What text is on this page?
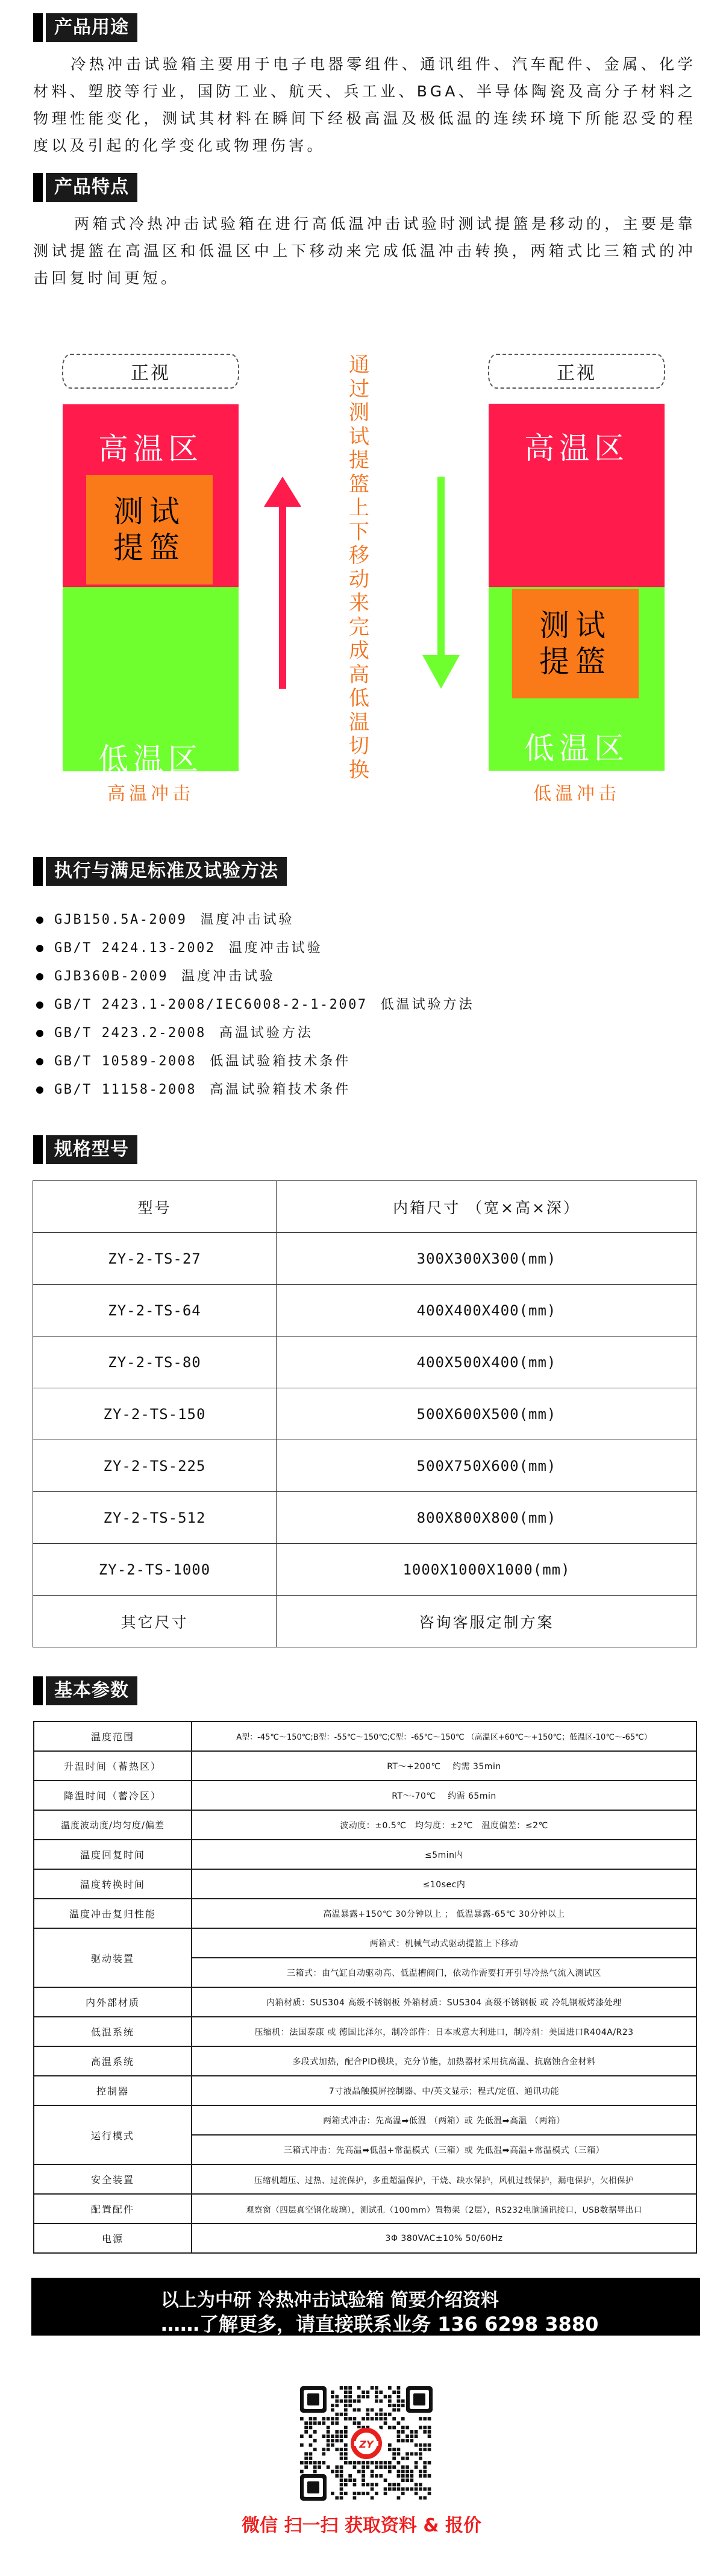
产品用途

冷热冲击试验箱主要用于电子电器零组件、通讯组件、汽车配件、金属、化学材料、塑胶等行业，国防工业、航天、兵工业、BGA、半导体陶瓷及高分子材料之物理性能变化，测试其材料在瞬间下经极高温及极低温的连续环境下所能忍受的程度以及引起的化学变化或物理伤害。

产品特点

两箱式冷热冲击试验箱在进行高低温冲击试验时测试提篮是移动的，主要是靠测试提篮在高温区和低温区中上下移动来完成低温冲击转换，两箱式比三箱式的冲击回复时间更短。

正视
高温区
低温区
测试
提篮
高温冲击
通
过
测
试
提
篮
上
下
移
动
来
完
成
高
低
温
切
换
正视
高温区
低温区
测试
提篮
低温冲击
执行与满足标准及试验方法
GJB150.5A-2009 温度冲击试验
GB/T 2424.13-2002 温度冲击试验
GJB360B-2009 温度冲击试验
GB/T 2423.1-2008/IEC6008-2-1-2007 低温试验方法
GB/T 2423.2-2008 高温试验方法
GB/T 10589-2008 低温试验箱技术条件
GB/T 11158-2008 高温试验箱技术条件
规格型号
型号	内箱尺寸 （宽×高×深）
ZY-2-TS-27	300X300X300(mm)
ZY-2-TS-64	400X400X400(mm)
ZY-2-TS-80	400X500X400(mm)
ZY-2-TS-150	500X600X500(mm)
ZY-2-TS-225	500X750X600(mm)
ZY-2-TS-512	800X800X800(mm)
ZY-2-TS-1000	1000X1000X1000(mm)
其它尺寸	咨询客服定制方案
基本参数
温度范围	A型：-45℃～150℃;B型：-55℃～150℃;C型：-65℃～150℃ （高温区+60℃～+150℃；低温区-10℃～-65℃）
升温时间（蓄热区）	RT～+200℃　 约需 35min
降温时间（蓄冷区）	RT～-70℃　 约需 65min
温度波动度/均匀度/偏差	波动度：±0.5℃　均匀度：±2℃　温度偏差：≤2℃
温度回复时间	≤5min内
温度转换时间	≤10sec内
温度冲击复归性能	高温暴露+150℃ 30分钟以上 ； 低温暴露-65℃ 30分钟以上
驱动装置	两箱式：机械气动式驱动提篮上下移动
	三箱式：由气缸自动驱动高、低温槽阀门，依动作需要打开引导冷热气流入测试区
内外部材质	内箱材质：SUS304 高级不锈钢板 外箱材质：SUS304 高级不锈钢板 或 冷轧钢板烤漆处理
低温系统	压缩机：法国泰康 或 德国比泽尔，制冷部件：日本或意大利进口，制冷剂：美国进口R404A/R23
高温系统	多段式加热，配合PID模块，充分节能，加热器材采用抗高温、抗腐蚀合金材料
控制器	7寸液晶触摸屏控制器、中/英文显示；程式/定值、通讯功能
运行模式	两箱式冲击：先高温➡低温 （两箱）或 先低温➡高温 （两箱）
	三箱式冲击：先高温➡低温+常温模式（三箱）或 先低温➡高温+常温模式（三箱）
安全装置	压缩机超压、过热、过流保护，多重超温保护，干烧、缺水保护，风机过载保护，漏电保护，欠相保护
配置配件	观察窗（四层真空钢化玻璃），测试孔（100mm）置物架（2层），RS232电脑通讯接口，USB数据导出口
电源	3Φ 380VAC±10% 50/60Hz
以上为中研 冷热冲击试验箱 简要介绍资料
……了解更多，请直接联系业务 136 6298 3880
ZY
微信 扫一扫 获取资料 & 报价
